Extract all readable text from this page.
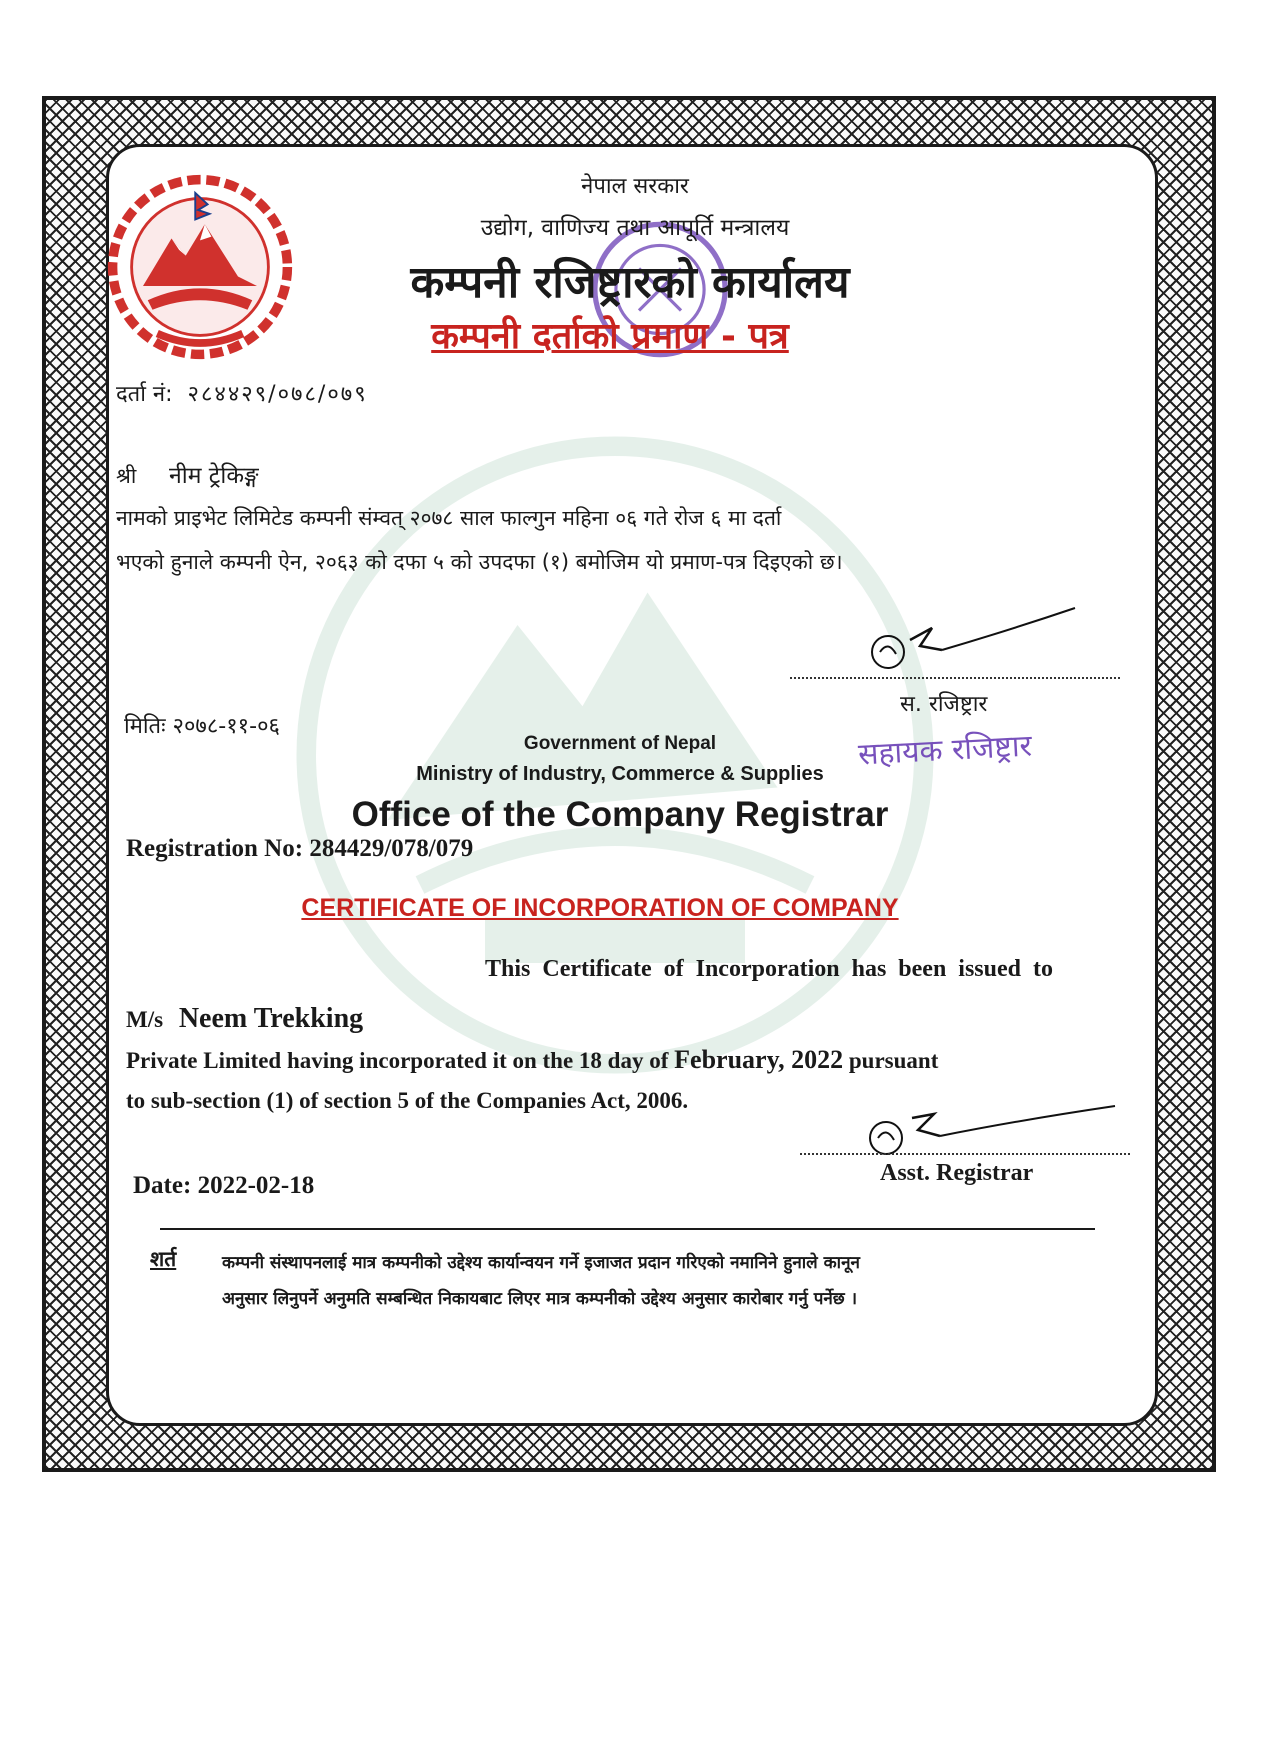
नेपाल सरकार
उद्योग, वाणिज्य तथा आपूर्ति मन्त्रालय
कम्पनी रजिष्ट्रारको कार्यालय
कम्पनी दर्ताको प्रमाण - पत्र
दर्ता नं: २८४४२९/०७८/०७९
श्री नीम ट्रेकिङ्ग
नामको प्राइभेट लिमिटेड कम्पनी संम्वत् २०७८ साल फाल्गुन महिना ०६ गते रोज ६ मा दर्ता
भएको हुनाले कम्पनी ऐन, २०६३ को दफा ५ को उपदफा (१) बमोजिम यो प्रमाण-पत्र दिइएको छ।
स. रजिष्ट्रार
सहायक रजिष्ट्रार
मितिः २०७८-११-०६
Government of Nepal
Ministry of Industry, Commerce & Supplies
Office of the Company Registrar
Registration No: 284429/078/079
CERTIFICATE OF INCORPORATION OF COMPANY
This Certificate of Incorporation has been issued to
M/s Neem Trekking
Private Limited having incorporated it on the 18 day of February, 2022 pursuant
to sub-section (1) of section 5 of the Companies Act, 2006.
Asst. Registrar
Date: 2022-02-18
शर्त	कम्पनी संस्थापनलाई मात्र कम्पनीको उद्देश्य कार्यान्वयन गर्ने इजाजत प्रदान गरिएको नमानिने हुनाले कानून
अनुसार लिनुपर्ने अनुमति सम्बन्धित निकायबाट लिएर मात्र कम्पनीको उद्देश्य अनुसार कारोबार गर्नु पर्नेछ ।
